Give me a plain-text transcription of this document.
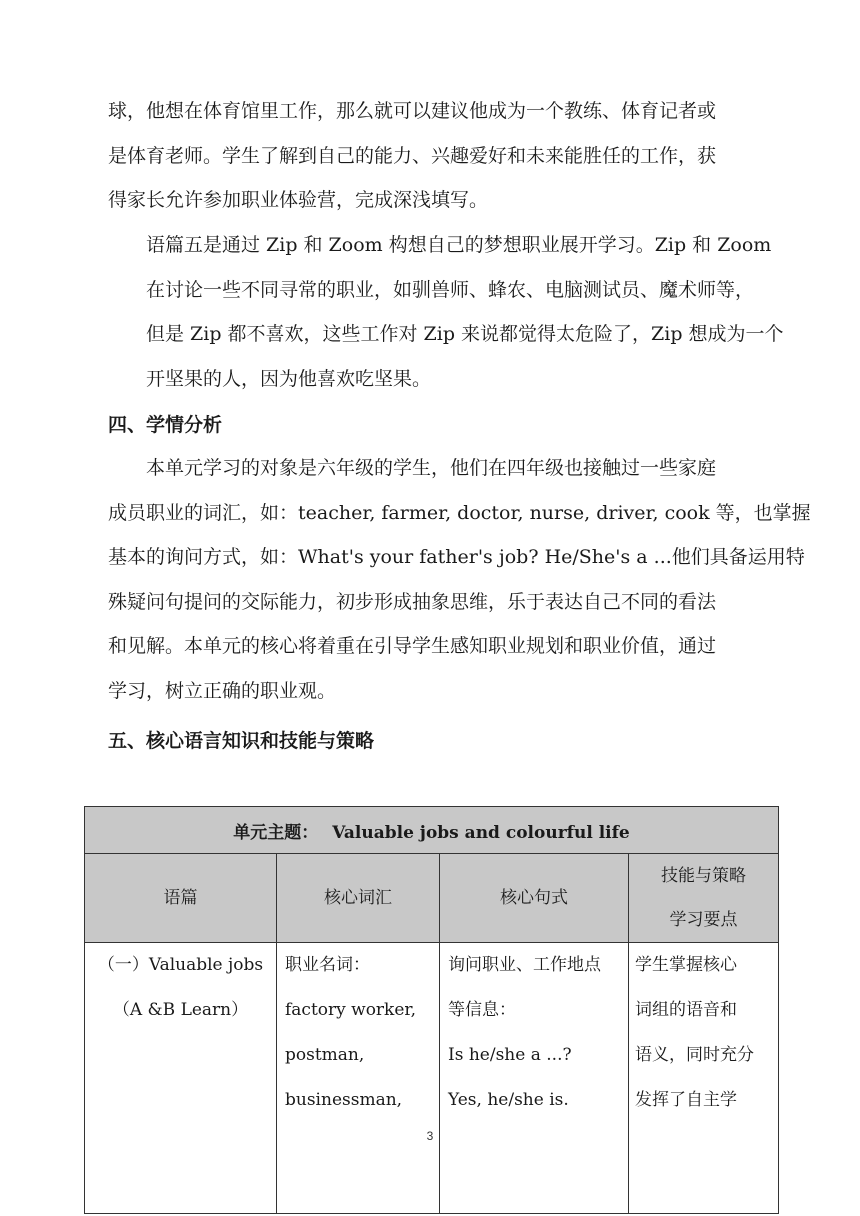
球，他想在体育馆里工作，那么就可以建议他成为一个教练、体育记者或
是体育老师。学生了解到自己的能力、兴趣爱好和未来能胜任的工作，获
得家长允许参加职业体验营，完成深浅填写。
语篇五是通过 Zip 和 Zoom 构想自己的梦想职业展开学习。Zip 和 Zoom
在讨论一些不同寻常的职业，如驯兽师、蜂农、电脑测试员、魔术师等，
但是 Zip 都不喜欢，这些工作对 Zip 来说都觉得太危险了，Zip 想成为一个
开坚果的人，因为他喜欢吃坚果。
四、学情分析
本单元学习的对象是六年级的学生，他们在四年级也接触过一些家庭
成员职业的词汇，如：teacher, farmer, doctor, nurse, driver, cook 等，也掌握
基本的询问方式，如：What's your father's job? He/She's a ...他们具备运用特
殊疑问句提问的交际能力，初步形成抽象思维，乐于表达自己不同的看法
和见解。本单元的核心将着重在引导学生感知职业规划和职业价值，通过
学习，树立正确的职业观。
五、核心语言知识和技能与策略
单元主题： Valuable jobs and colourful life			
语篇	核心词汇	核心句式	技能与策略
学习要点

（一）Valuable jobs
（A &B Learn）	职业名词：
factory worker,
postman,
businessman,	询问职业、工作地点
等信息：
Is he/she a ...?
Yes, he/she is.	学生掌握核心
词组的语音和
语义，同时充分
发挥了自主学
3
